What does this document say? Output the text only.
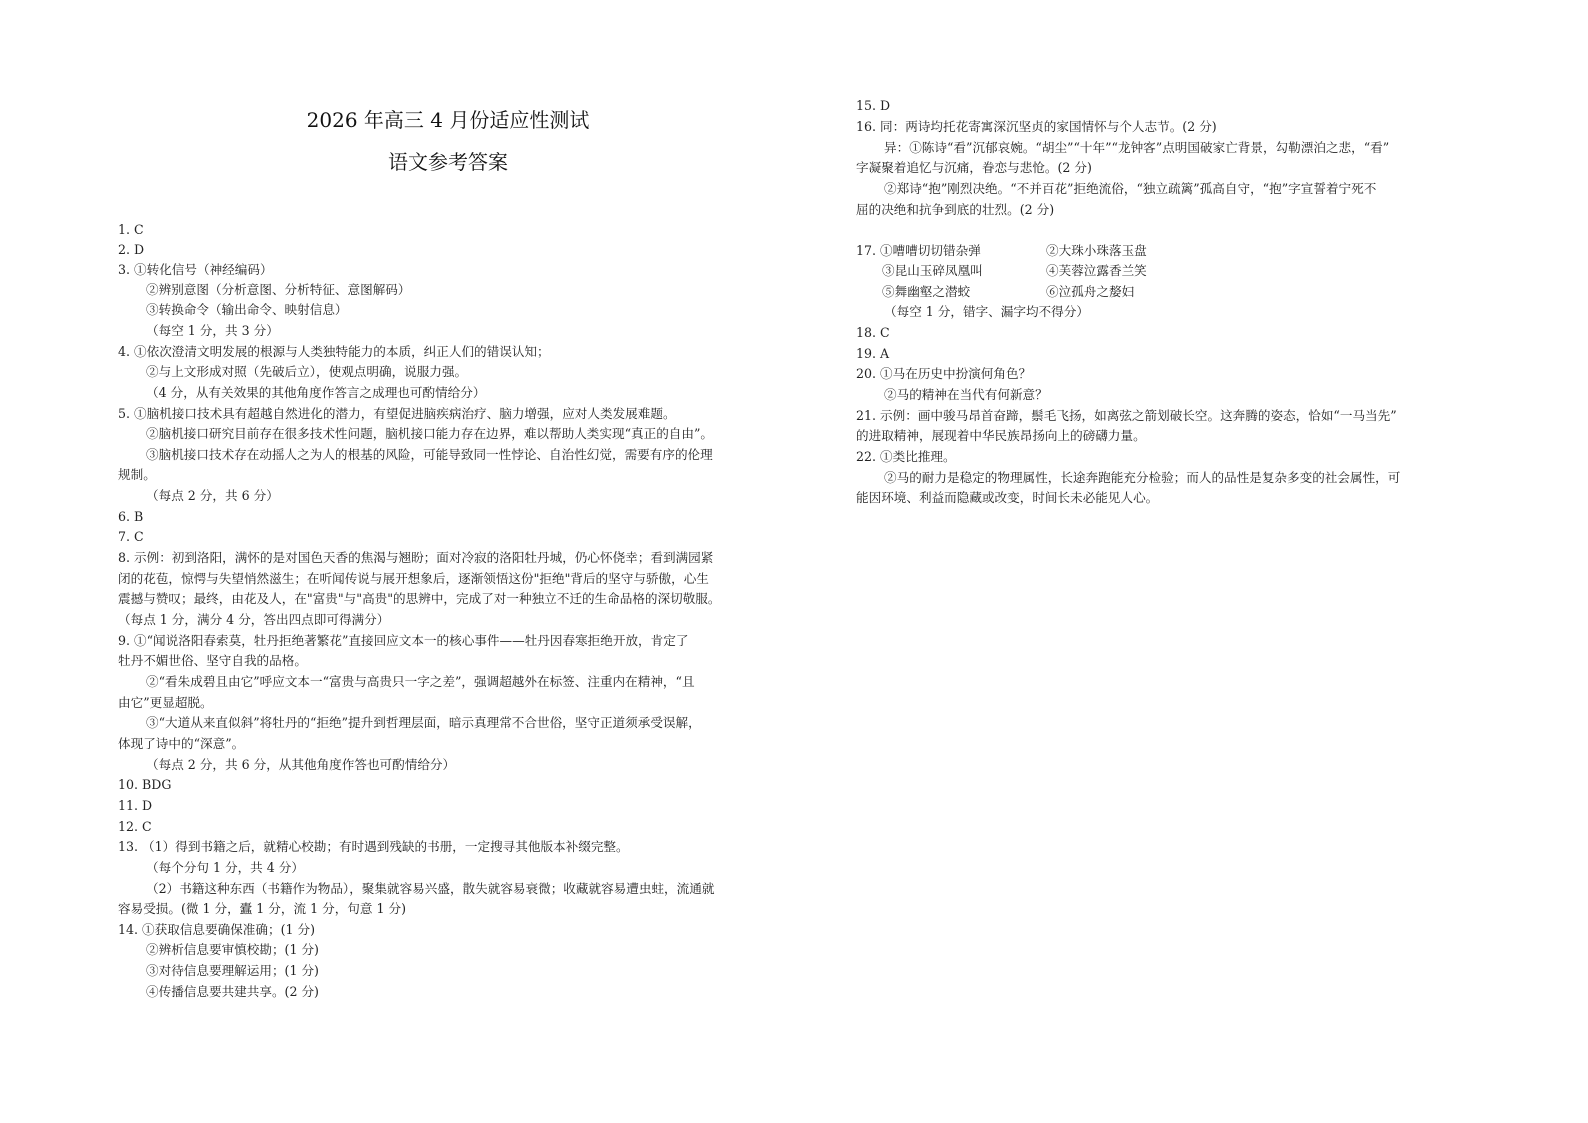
2026 年高三 4 月份适应性测试
语文参考答案
1. C
2. D
3. ①转化信号（神经编码）
②辨别意图（分析意图、分析特征、意图解码）
③转换命令（输出命令、映射信息）
（每空 1 分，共 3 分）
4. ①依次澄清文明发展的根源与人类独特能力的本质，纠正人们的错误认知；
②与上文形成对照（先破后立），使观点明确，说服力强。
（4 分，从有关效果的其他角度作答言之成理也可酌情给分）
5. ①脑机接口技术具有超越自然进化的潜力，有望促进脑疾病治疗、脑力增强，应对人类发展难题。
②脑机接口研究目前存在很多技术性问题，脑机接口能力存在边界，难以帮助人类实现“真正的自由”。
③脑机接口技术存在动摇人之为人的根基的风险，可能导致同一性悖论、自治性幻觉，需要有序的伦理
规制。
（每点 2 分，共 6 分）
6. B
7. C
8. 示例：初到洛阳，满怀的是对国色天香的焦渴与翘盼；面对冷寂的洛阳牡丹城，仍心怀侥幸；看到满园紧
闭的花苞，惊愕与失望悄然滋生；在听闻传说与展开想象后，逐渐领悟这份"拒绝"背后的坚守与骄傲，心生
震撼与赞叹；最终，由花及人，在"富贵"与"高贵"的思辨中，完成了对一种独立不迁的生命品格的深切敬服。
（每点 1 分，满分 4 分，答出四点即可得满分）
9. ①“闻说洛阳春索莫，牡丹拒绝著繁花”直接回应文本一的核心事件——牡丹因春寒拒绝开放，肯定了
牡丹不媚世俗、坚守自我的品格。
②“看朱成碧且由它”呼应文本一“富贵与高贵只一字之差”，强调超越外在标签、注重内在精神，“且
由它”更显超脱。
③“大道从来直似斜”将牡丹的“拒绝”提升到哲理层面，暗示真理常不合世俗，坚守正道须承受误解，
体现了诗中的“深意”。
（每点 2 分，共 6 分，从其他角度作答也可酌情给分）
10. BDG
11. D
12. C
13. （1）得到书籍之后，就精心校勘；有时遇到残缺的书册，一定搜寻其他版本补缀完整。
（每个分句 1 分，共 4 分）
（2）书籍这种东西（书籍作为物品），聚集就容易兴盛，散失就容易衰微；收藏就容易遭虫蛀，流通就
容易受损。(微 1 分，蠹 1 分，流 1 分，句意 1 分)
14. ①获取信息要确保准确；(1 分)
②辨析信息要审慎校勘；(1 分)
③对待信息要理解运用；(1 分)
④传播信息要共建共享。(2 分)
15. D
16. 同：两诗均托花寄寓深沉坚贞的家国情怀与个人志节。(2 分)
异：①陈诗“看”沉郁哀婉。“胡尘”“十年”“龙钟客”点明国破家亡背景，勾勒漂泊之悲，“看”
字凝聚着追忆与沉痛，眷恋与悲怆。(2 分)
②郑诗“抱”刚烈决绝。“不并百花”拒绝流俗，“独立疏篱”孤高自守，“抱”字宣誓着宁死不
屈的决绝和抗争到底的壮烈。(2 分)
17. ①嘈嘈切切错杂弹	②大珠小珠落玉盘
③昆山玉碎凤凰叫	④芙蓉泣露香兰笑
⑤舞幽壑之潜蛟	⑥泣孤舟之嫠妇
（每空 1 分，错字、漏字均不得分）
18. C
19. A
20. ①马在历史中扮演何角色？
②马的精神在当代有何新意？
21. 示例：画中骏马昂首奋蹄，鬃毛飞扬，如离弦之箭划破长空。这奔腾的姿态，恰如“一马当先”
的进取精神，展现着中华民族昂扬向上的磅礴力量。
22. ①类比推理。
②马的耐力是稳定的物理属性，长途奔跑能充分检验；而人的品性是复杂多变的社会属性，可
能因环境、利益而隐藏或改变，时间长未必能见人心。
